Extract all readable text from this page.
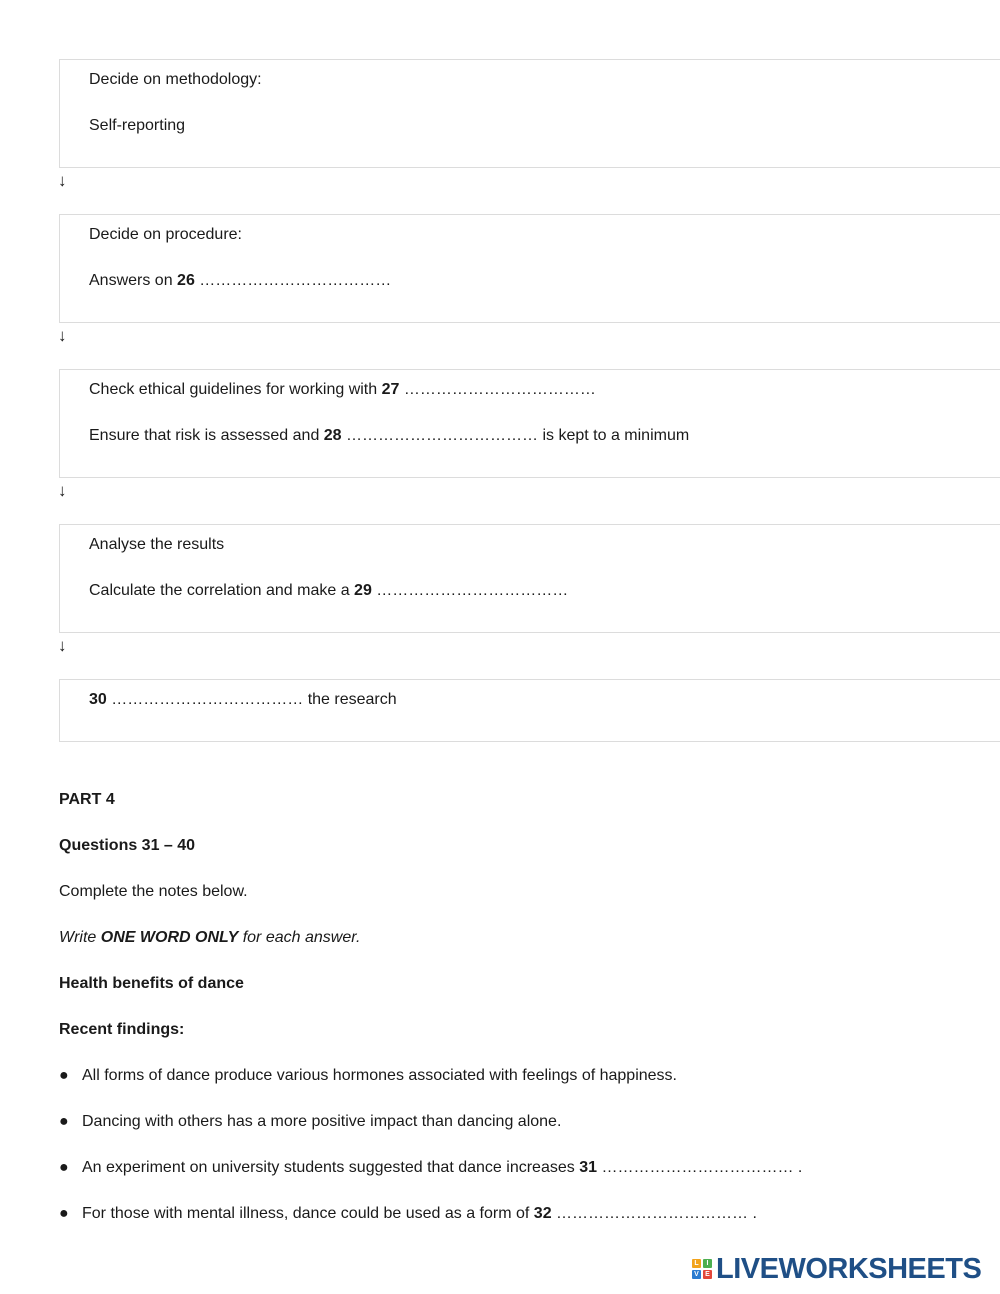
Decide on methodology:
Self-reporting
↓
Decide on procedure:
Answers on 26 ………………………………
↓
Check ethical guidelines for working with 27 ………………………………
Ensure that risk is assessed and 28 ……………………………… is kept to a minimum
↓
Analyse the results
Calculate the correlation and make a 29 ………………………………
↓
30 ……………………………… the research
PART 4
Questions 31 – 40
Complete the notes below.
Write ONE WORD ONLY for each answer.
Health benefits of dance
Recent findings:
● All forms of dance produce various hormones associated with feelings of happiness.
● Dancing with others has a more positive impact than dancing alone.
● An experiment on university students suggested that dance increases 31 ……………………………… .
● For those with mental illness, dance could be used as a form of 32 ……………………………… .
L	I
V E LIVEWORKSHEETS
